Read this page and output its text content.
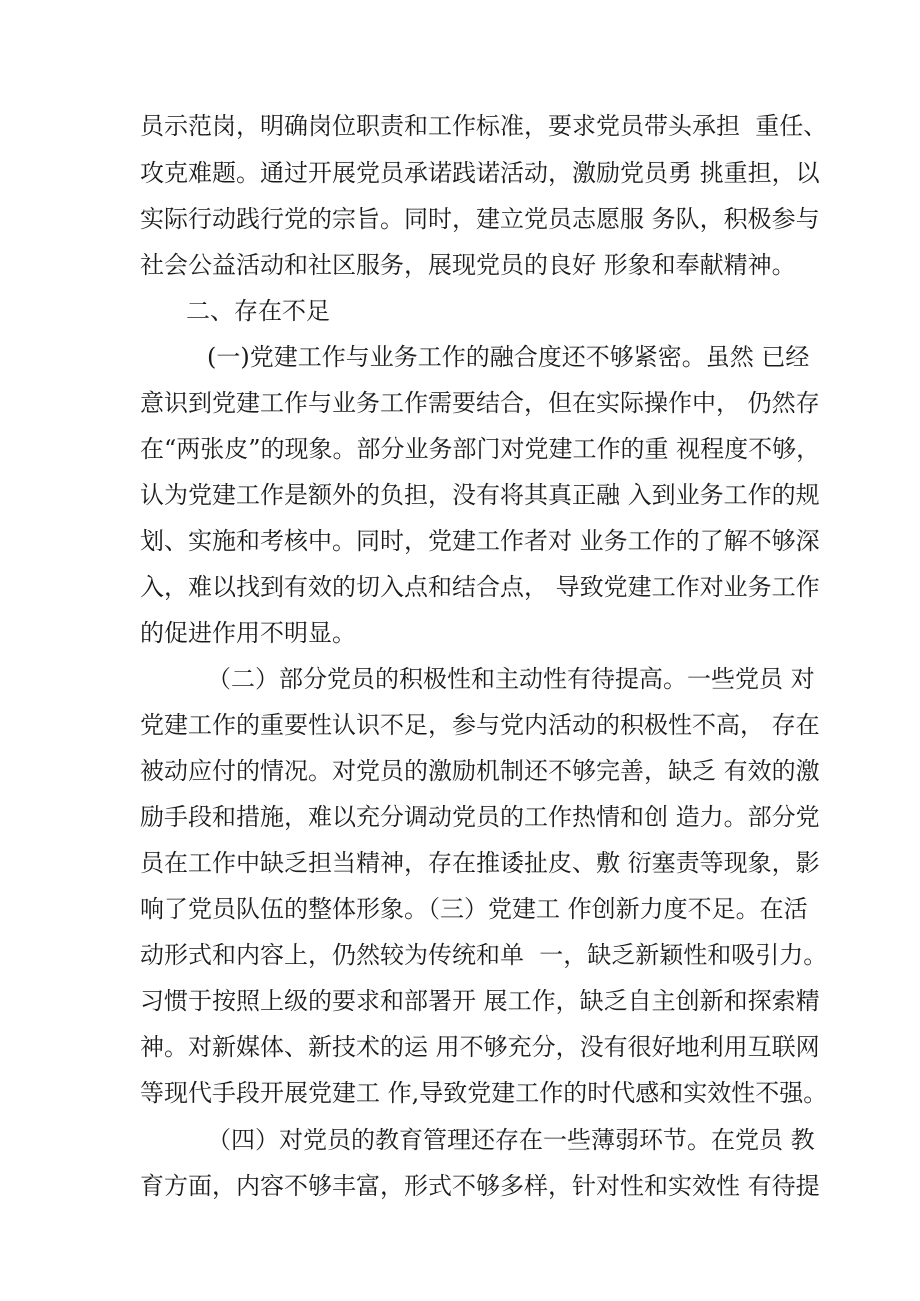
员示范岗，明确岗位职责和工作标准，要求党员带头承担  重任、
攻克难题。通过开展党员承诺践诺活动，激励党员勇 挑重担，以
实际行动践行党的宗旨。同时，建立党员志愿服 务队，积极参与
社会公益活动和社区服务，展现党员的良好 形象和奉献精神。
二、存在不足
(一)党建工作与业务工作的融合度还不够紧密。虽然 已经
意识到党建工作与业务工作需要结合，但在实际操作中， 仍然存
在“两张皮”的现象。部分业务部门对党建工作的重 视程度不够，
认为党建工作是额外的负担，没有将其真正融 入到业务工作的规
划、实施和考核中。同时，党建工作者对 业务工作的了解不够深
入，难以找到有效的切入点和结合点， 导致党建工作对业务工作
的促进作用不明显。
（二）部分党员的积极性和主动性有待提高。一些党员 对
党建工作的重要性认识不足，参与党内活动的积极性不高， 存在
被动应付的情况。对党员的激励机制还不够完善，缺乏 有效的激
励手段和措施，难以充分调动党员的工作热情和创 造力。部分党
员在工作中缺乏担当精神，存在推诿扯皮、敷 衍塞责等现象，影
响了党员队伍的整体形象。（三）党建工 作创新力度不足。在活
动形式和内容上，仍然较为传统和单  一，缺乏新颖性和吸引力。
习惯于按照上级的要求和部署开 展工作，缺乏自主创新和探索精
神。对新媒体、新技术的运 用不够充分，没有很好地利用互联网
等现代手段开展党建工 作,导致党建工作的时代感和实效性不强。
（四）对党员的教育管理还存在一些薄弱环节。在党员 教
育方面，内容不够丰富，形式不够多样，针对性和实效性 有待提
